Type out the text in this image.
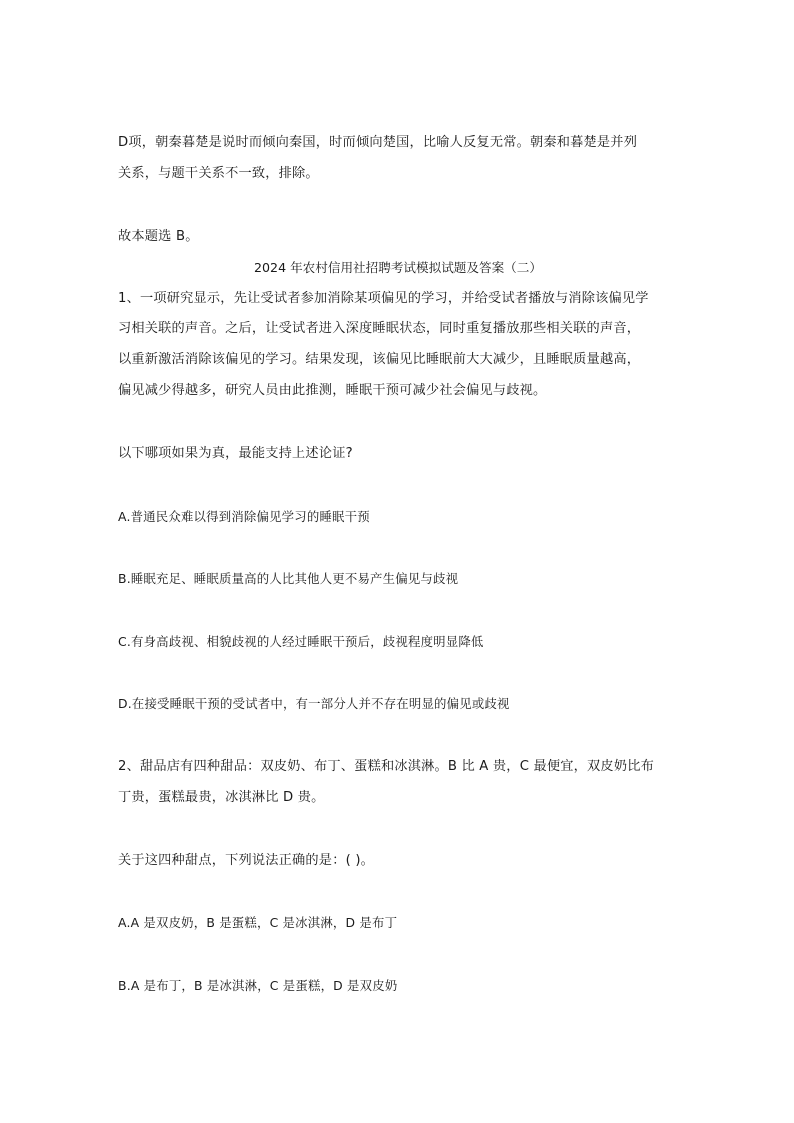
D项，朝秦暮楚是说时而倾向秦国，时而倾向楚国，比喻人反复无常。朝秦和暮楚是并列
关系，与题干关系不一致，排除。
故本题选 B。
2024 年农村信用社招聘考试模拟试题及答案（二）
1、一项研究显示，先让受试者参加消除某项偏见的学习，并给受试者播放与消除该偏见学
习相关联的声音。之后，让受试者进入深度睡眠状态，同时重复播放那些相关联的声音，
以重新激活消除该偏见的学习。结果发现，该偏见比睡眠前大大减少，且睡眠质量越高，
偏见减少得越多，研究人员由此推测，睡眠干预可减少社会偏见与歧视。
以下哪项如果为真，最能支持上述论证?
A.普通民众难以得到消除偏见学习的睡眠干预
B.睡眠充足、睡眠质量高的人比其他人更不易产生偏见与歧视
C.有身高歧视、相貌歧视的人经过睡眠干预后，歧视程度明显降低
D.在接受睡眠干预的受试者中，有一部分人并不存在明显的偏见或歧视
2、甜品店有四种甜品：双皮奶、布丁、蛋糕和冰淇淋。B 比 A 贵，C 最便宜，双皮奶比布
丁贵，蛋糕最贵，冰淇淋比 D 贵。
关于这四种甜点，下列说法正确的是：( )。
A.A 是双皮奶，B 是蛋糕，C 是冰淇淋，D 是布丁
B.A 是布丁，B 是冰淇淋，C 是蛋糕，D 是双皮奶
